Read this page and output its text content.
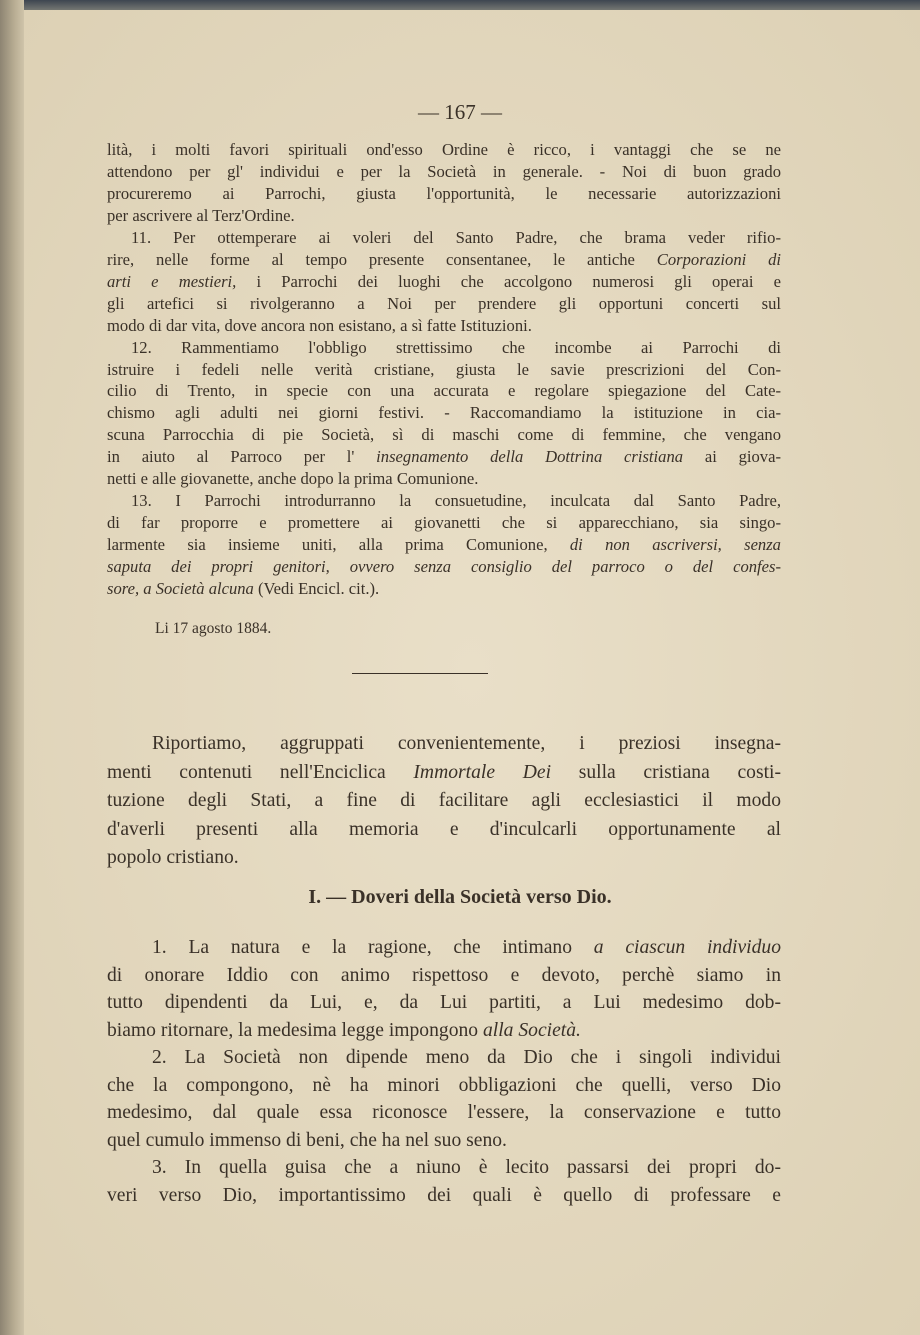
— 167 —
lità, i molti favori spirituali ond'esso Ordine è ricco, i vantaggi che se ne
attendono per gl' individui e per la Società in generale. - Noi di buon grado
procureremo ai Parrochi, giusta l'opportunità, le necessarie autorizzazioni
per ascrivere al Terz'Ordine.
11. Per ottemperare ai voleri del Santo Padre, che brama veder rifio-
rire, nelle forme al tempo presente consentanee, le antiche Corporazioni di
arti e mestieri, i Parrochi dei luoghi che accolgono numerosi gli operai e
gli artefici si rivolgeranno a Noi per prendere gli opportuni concerti sul
modo di dar vita, dove ancora non esistano, a sì fatte Istituzioni.
12. Rammentiamo l'obbligo strettissimo che incombe ai Parrochi di
istruire i fedeli nelle verità cristiane, giusta le savie prescrizioni del Con-
cilio di Trento, in specie con una accurata e regolare spiegazione del Cate-
chismo agli adulti nei giorni festivi. - Raccomandiamo la istituzione in cia-
scuna Parrocchia di pie Società, sì di maschi come di femmine, che vengano
in aiuto al Parroco per l' insegnamento della Dottrina cristiana ai giova-
netti e alle giovanette, anche dopo la prima Comunione.
13. I Parrochi introdurranno la consuetudine, inculcata dal Santo Padre,
di far proporre e promettere ai giovanetti che si apparecchiano, sia singo-
larmente sia insieme uniti, alla prima Comunione, di non ascriversi, senza
saputa dei propri genitori, ovvero senza consiglio del parroco o del confes-
sore, a Società alcuna (Vedi Encicl. cit.).
Li 17 agosto 1884.
Riportiamo, aggruppati convenientemente, i preziosi insegna-
menti contenuti nell'Enciclica Immortale Dei sulla cristiana costi-
tuzione degli Stati, a fine di facilitare agli ecclesiastici il modo
d'averli presenti alla memoria e d'inculcarli opportunamente al
popolo cristiano.
I. — Doveri della Società verso Dio.
1. La natura e la ragione, che intimano a ciascun individuo
di onorare Iddio con animo rispettoso e devoto, perchè siamo in
tutto dipendenti da Lui, e, da Lui partiti, a Lui medesimo dob-
biamo ritornare, la medesima legge impongono alla Società.
2. La Società non dipende meno da Dio che i singoli individui
che la compongono, nè ha minori obbligazioni che quelli, verso Dio
medesimo, dal quale essa riconosce l'essere, la conservazione e tutto
quel cumulo immenso di beni, che ha nel suo seno.
3. In quella guisa che a niuno è lecito passarsi dei propri do-
veri verso Dio, importantissimo dei quali è quello di professare e
